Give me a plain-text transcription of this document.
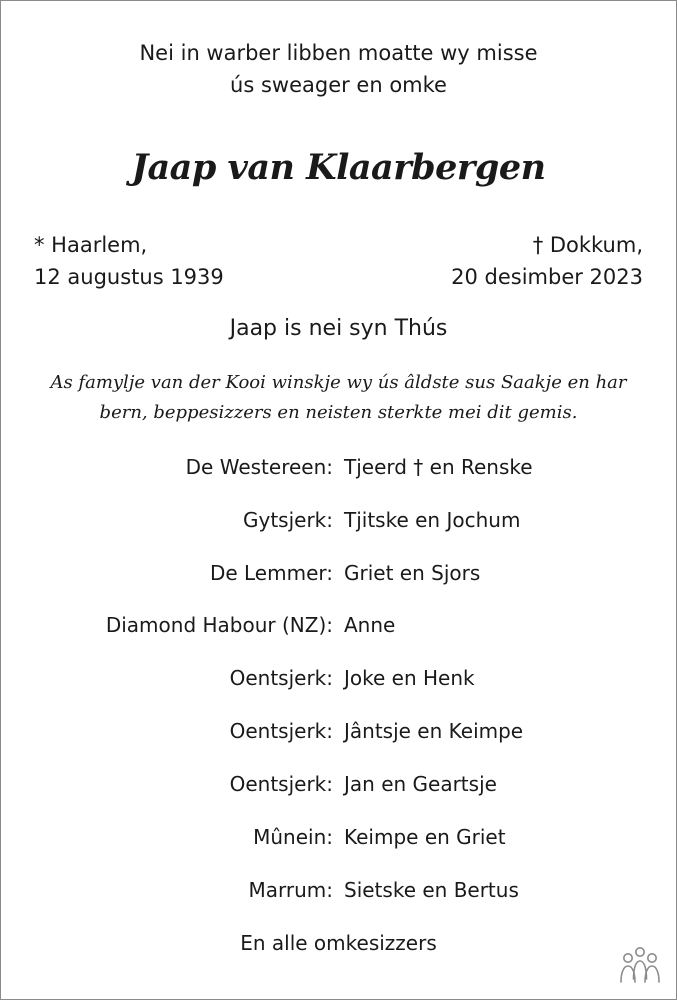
Nei in warber libben moatte wy misse
ús sweager en omke
Jaap van Klaarbergen
* Haarlem,
12 augustus 1939
† Dokkum,
20 desimber 2023
Jaap is nei syn Thús
As famylje van der Kooi winskje wy ús âldste sus Saakje en har
bern, beppesizzers en neisten sterkte mei dit gemis.
De Westereen: Tjeerd † en Renske
Gytsjerk: Tjitske en Jochum
De Lemmer: Griet en Sjors
Diamond Habour (NZ): Anne
Oentsjerk: Joke en Henk
Oentsjerk: Jântsje en Keimpe
Oentsjerk: Jan en Geartsje
Mûnein: Keimpe en Griet
Marrum: Sietske en Bertus
En alle omkesizzers
